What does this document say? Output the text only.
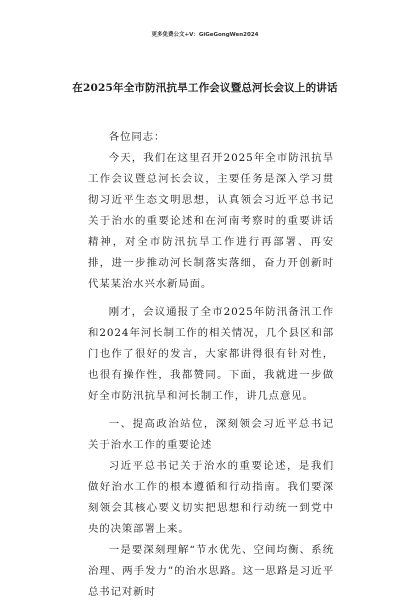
更多免费公文+V：GiGeGongWen2024
在2025年全市防汛抗旱工作会议暨总河长会议上的讲话

各位同志：

今天，我们在这里召开2025年全市防汛抗旱工作会议暨总河长会议，主要任务是深入学习贯彻习近平生态文明思想，认真领会习近平总书记关于治水的重要论述和在河南考察时的重要讲话精神，对全市防汛抗旱工作进行再部署、再安排，进一步推动河长制落实落细，奋力开创新时代某某治水兴水新局面。

刚才，会议通报了全市2025年防汛备汛工作和2024年河长制工作的相关情况，几个县区和部门也作了很好的发言，大家都讲得很有针对性，也很有操作性，我都赞同。下面，我就进一步做好全市防汛抗旱和河长制工作，讲几点意见。

一、提高政治站位，深刻领会习近平总书记关于治水工作的重要论述

习近平总书记关于治水的重要论述，是我们做好治水工作的根本遵循和行动指南。我们要深刻领会其核心要义切实把思想和行动统一到党中央的决策部署上来。

一是要深刻理解“节水优先、空间均衡、系统治理、两手发力”的治水思路。这一思路是习近平总书记对新时
